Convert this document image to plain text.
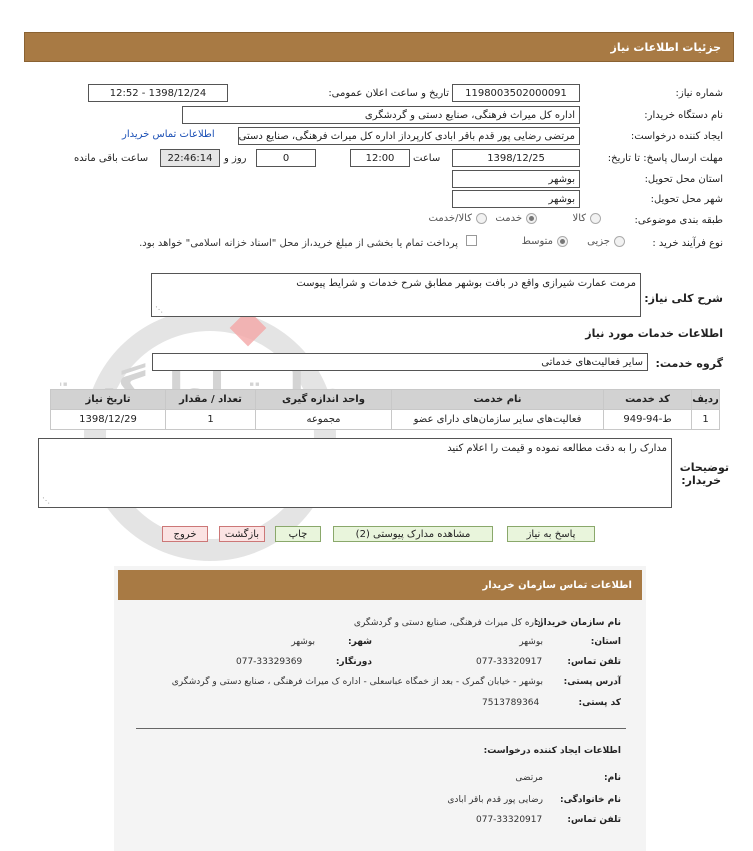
جزئیات اطلاعات نیاز
شماره نیاز:
1198003502000091
تاریخ و ساعت اعلان عمومی:
1398/12/24 - 12:52
نام دستگاه خریدار:
اداره کل میراث فرهنگی، صنایع دستی و گردشگری
ایجاد کننده درخواست:
مرتضی رضایی پور قدم باقر ابادی کارپرداز اداره کل میراث فرهنگی، صنایع دستی
اطلاعات تماس خریدار
مهلت ارسال پاسخ: تا تاریخ:
1398/12/25
ساعت
12:00
0
روز و
22:46:14
ساعت باقی مانده
استان محل تحویل:
بوشهر
شهر محل تحویل:
بوشهر
طبقه بندی موضوعی:
کالا
خدمت
کالا/خدمت
نوع فرآیند خرید :
جزیی
متوسط
پرداخت تمام یا بخشی از مبلغ خرید،از محل "اسناد خزانه اسلامی" خواهد بود.
شرح کلی نیاز:
مرمت عمارت شیرازی واقع در بافت بوشهر مطابق شرح خدمات و شرایط پیوست
⋰
اطلاعات خدمات مورد نیاز
گروه خدمت:
سایر فعالیت‌های خدماتی
ردیف	کد خدمت	نام خدمت	واحد اندازه گیری	تعداد / مقدار	تاریخ نیاز
1	ط-94-949	فعالیت‌های سایر سازمان‌های دارای عضو	مجموعه	1	1398/12/29
توضیحات
خریدار:
مدارک را به دقت مطالعه نموده و قیمت را اعلام کنید
⋰
پاسخ به نیاز
مشاهده مدارک پیوستی (2)
چاپ
بازگشت
خروج
اطلاعات تماس سازمان خریدار
نام سازمان خریدار:
اداره کل میراث فرهنگی، صنایع دستی و گردشگری
استان:
بوشهر
شهر:
بوشهر
تلفن تماس:
077-33320917
دورنگار:
077-33329369
آدرس پستی:
بوشهر - خیابان گمرک - بعد از خمگاه عباسعلی - اداره ک میراث فرهنگی ، صنایع دستی و گردشگری
کد پستی:
7513789364
اطلاعات ایجاد کننده درخواست:
نام:
مرتضی
نام خانوادگی:
رضایی پور قدم باقر ابادی
تلفن تماس:
077-33320917
